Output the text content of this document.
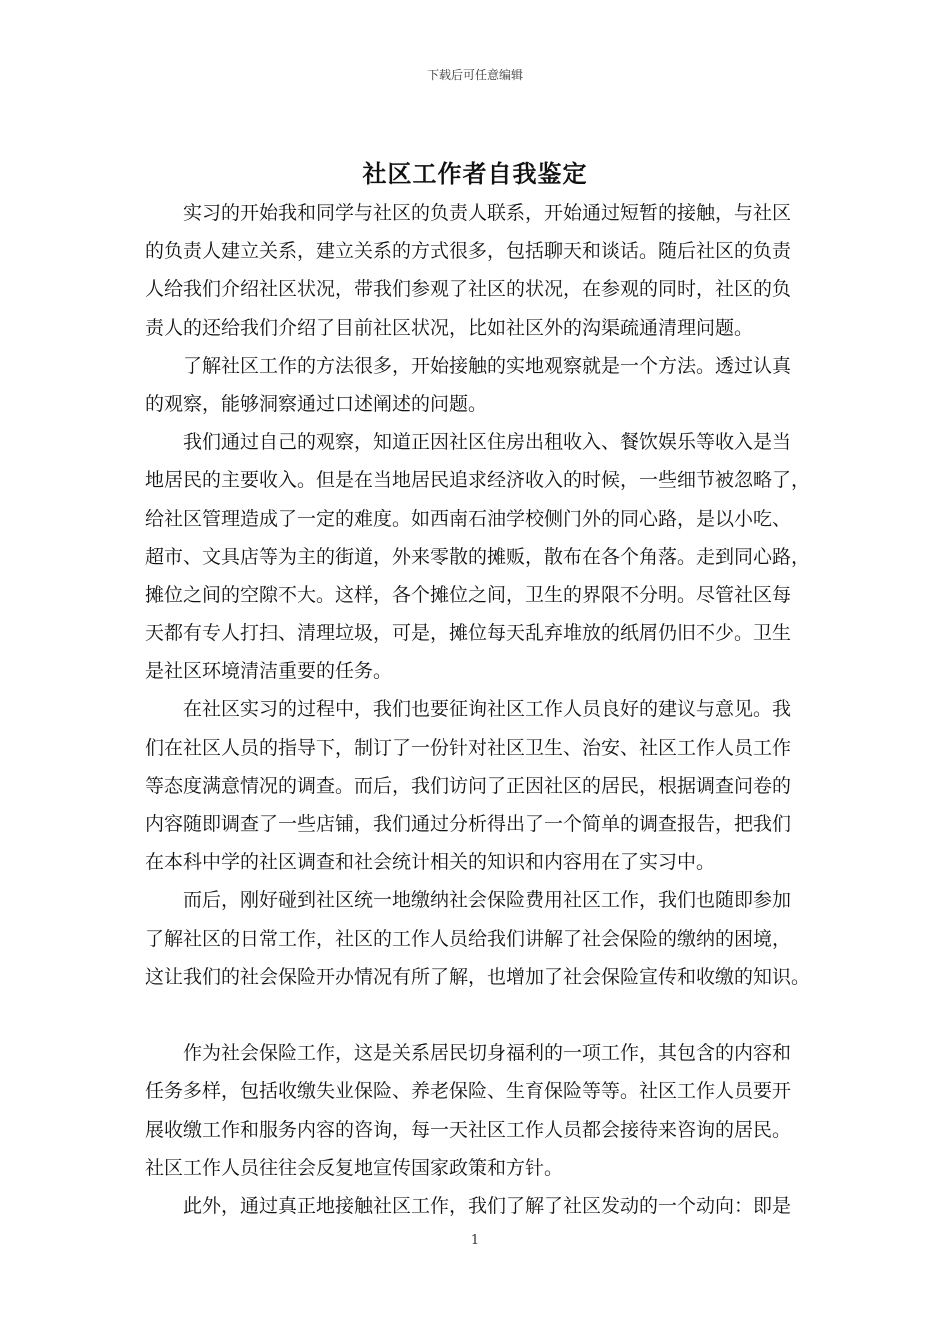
下载后可任意编辑
社区工作者自我鉴定
实习的开始我和同学与社区的负责人联系，开始通过短暂的接触，与社区
的负责人建立关系，建立关系的方式很多，包括聊天和谈话。随后社区的负责
人给我们介绍社区状况，带我们参观了社区的状况，在参观的同时，社区的负
责人的还给我们介绍了目前社区状况，比如社区外的沟渠疏通清理问题。
了解社区工作的方法很多，开始接触的实地观察就是一个方法。透过认真
的观察，能够洞察通过口述阐述的问题。
我们通过自己的观察，知道正因社区住房出租收入、餐饮娱乐等收入是当
地居民的主要收入。但是在当地居民追求经济收入的时候，一些细节被忽略了，
给社区管理造成了一定的难度。如西南石油学校侧门外的同心路，是以小吃、
超市、文具店等为主的街道，外来零散的摊贩，散布在各个角落。走到同心路，
摊位之间的空隙不大。这样，各个摊位之间，卫生的界限不分明。尽管社区每
天都有专人打扫、清理垃圾，可是，摊位每天乱弃堆放的纸屑仍旧不少。卫生
是社区环境清洁重要的任务。
在社区实习的过程中，我们也要征询社区工作人员良好的建议与意见。我
们在社区人员的指导下，制订了一份针对社区卫生、治安、社区工作人员工作
等态度满意情况的调查。而后，我们访问了正因社区的居民，根据调查问卷的
内容随即调查了一些店铺，我们通过分析得出了一个简单的调查报告，把我们
在本科中学的社区调查和社会统计相关的知识和内容用在了实习中。
而后，刚好碰到社区统一地缴纳社会保险费用社区工作，我们也随即参加
了解社区的日常工作，社区的工作人员给我们讲解了社会保险的缴纳的困境，
这让我们的社会保险开办情况有所了解，也增加了社会保险宣传和收缴的知识。
作为社会保险工作，这是关系居民切身福利的一项工作，其包含的内容和
任务多样，包括收缴失业保险、养老保险、生育保险等等。社区工作人员要开
展收缴工作和服务内容的咨询，每一天社区工作人员都会接待来咨询的居民。
社区工作人员往往会反复地宣传国家政策和方针。
此外，通过真正地接触社区工作，我们了解了社区发动的一个动向：即是
1
